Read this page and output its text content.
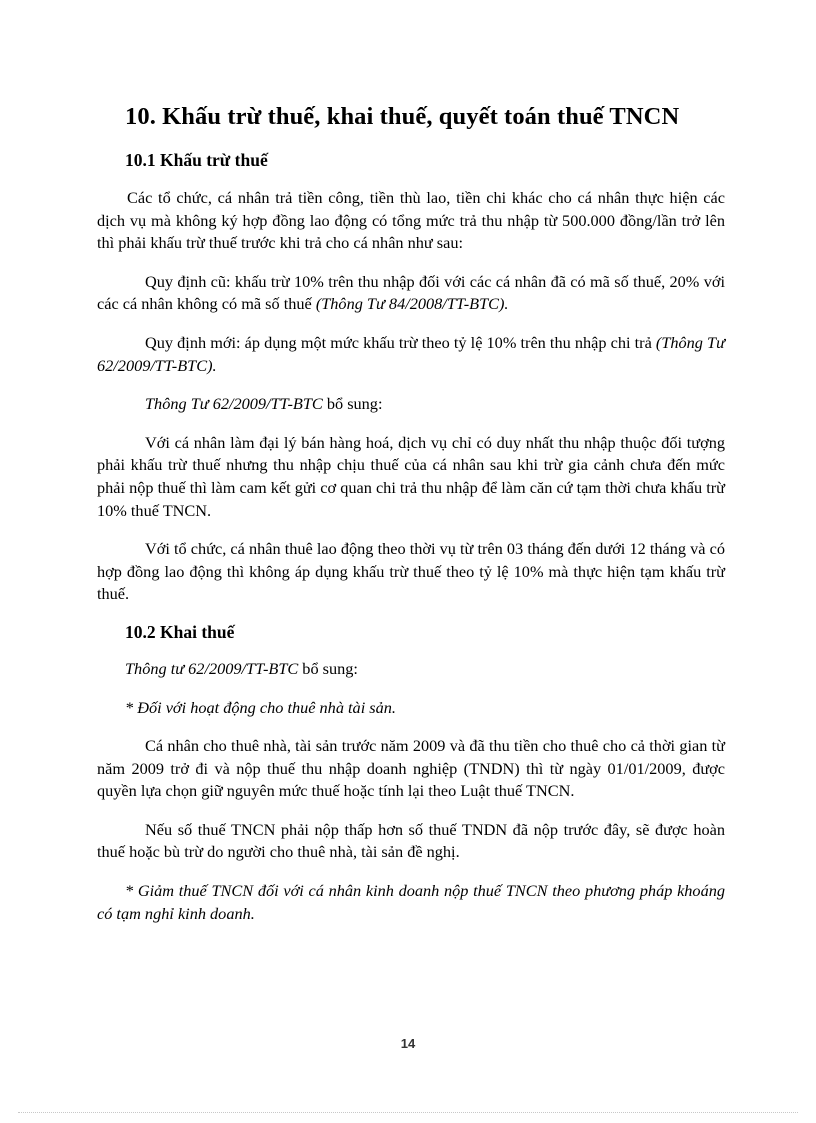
10. Khấu trừ thuế, khai thuế, quyết toán thuế TNCN
10.1 Khấu trừ thuế

Các tổ chức, cá nhân trả tiền công, tiền thù lao, tiền chi khác cho cá nhân thực hiện các dịch vụ mà không ký hợp đồng lao động có tổng mức trả thu nhập từ 500.000 đồng/lần trở lên thì phải khấu trừ thuế trước khi trả cho cá nhân như sau:

Quy định cũ: khấu trừ 10% trên thu nhập đối với các cá nhân đã có mã số thuế, 20% với các cá nhân không có mã số thuế (Thông Tư 84/2008/TT-BTC).

Quy định mới: áp dụng một mức khấu trừ theo tỷ lệ 10% trên thu nhập chi trả (Thông Tư 62/2009/TT-BTC).

Thông Tư 62/2009/TT-BTC bổ sung:

Với cá nhân làm đại lý bán hàng hoá, dịch vụ chỉ có duy nhất thu nhập thuộc đối tượng phải khấu trừ thuế nhưng thu nhập chịu thuế của cá nhân sau khi trừ gia cảnh chưa đến mức phải nộp thuế thì làm cam kết gửi cơ quan chi trả thu nhập để làm căn cứ tạm thời chưa khấu trừ 10% thuế TNCN.

Với tổ chức, cá nhân thuê lao động theo thời vụ từ trên 03 tháng đến dưới 12 tháng và có hợp đồng lao động thì không áp dụng khấu trừ thuế theo tỷ lệ 10% mà thực hiện tạm khấu trừ thuế.

10.2 Khai thuế

Thông tư 62/2009/TT-BTC bổ sung:

* Đối với hoạt động cho thuê nhà tài sản.

Cá nhân cho thuê nhà, tài sản trước năm 2009 và đã thu tiền cho thuê cho cả thời gian từ năm 2009 trở đi và nộp thuế thu nhập doanh nghiệp (TNDN) thì từ ngày 01/01/2009, được quyền lựa chọn giữ nguyên mức thuế hoặc tính lại theo Luật thuế TNCN.

Nếu số thuế TNCN phải nộp thấp hơn số thuế TNDN đã nộp trước đây, sẽ được hoàn thuế hoặc bù trừ do người cho thuê nhà, tài sản đề nghị.

* Giảm thuế TNCN đối với cá nhân kinh doanh nộp thuế TNCN theo phương pháp khoáng có tạm nghỉ kinh doanh.

14
